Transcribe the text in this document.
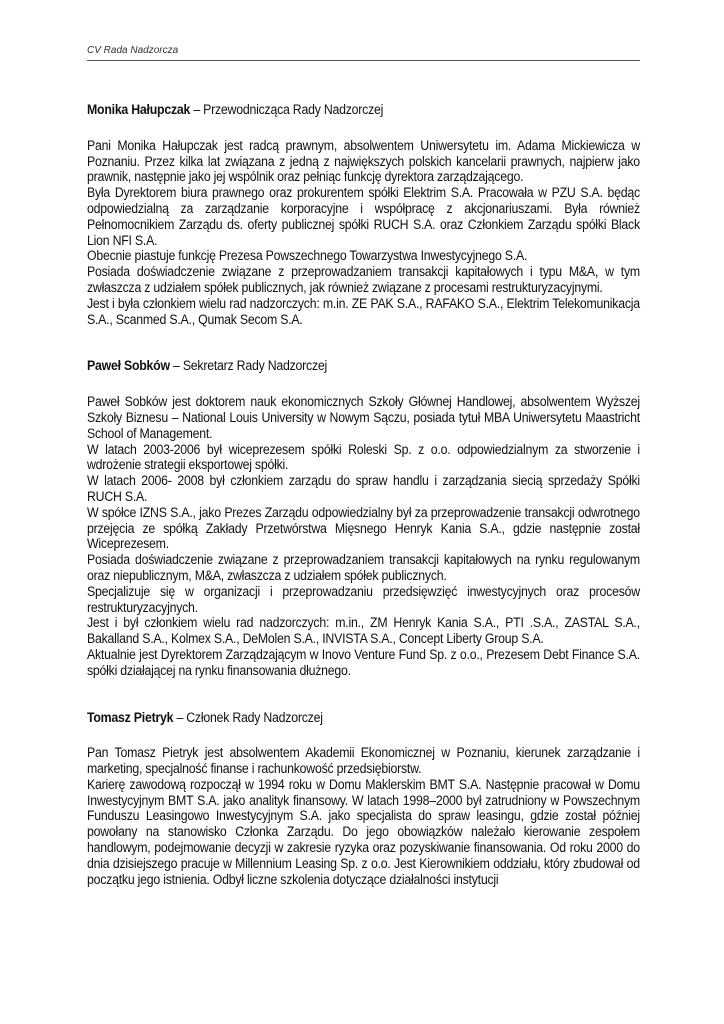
CV Rada Nadzorcza

Monika Hałupczak – Przewodnicząca Rady Nadzorczej

Pani Monika Hałupczak jest radcą prawnym, absolwentem Uniwersytetu im. Adama Mickiewicza w Poznaniu. Przez kilka lat związana z jedną z największych polskich kancelarii prawnych, najpierw jako prawnik, następnie jako jej wspólnik oraz pełniąc funkcję dyrektora zarządzającego.

Była Dyrektorem biura prawnego oraz prokurentem spółki Elektrim S.A. Pracowała w PZU S.A. będąc odpowiedzialną za zarządzanie korporacyjne i współpracę z akcjonariuszami. Była również Pełnomocnikiem Zarządu ds. oferty publicznej spółki RUCH S.A. oraz Członkiem Zarządu spółki Black Lion NFI S.A.

Obecnie piastuje funkcję Prezesa Powszechnego Towarzystwa Inwestycyjnego S.A.

Posiada doświadczenie związane z przeprowadzaniem transakcji kapitałowych i typu M&A, w tym zwłaszcza z udziałem spółek publicznych, jak również związane z procesami restrukturyzacyjnymi.

Jest i była członkiem wielu rad nadzorczych: m.in. ZE PAK S.A., RAFAKO S.A., Elektrim Telekomunikacja S.A., Scanmed S.A., Qumak Secom S.A.

Paweł Sobków – Sekretarz Rady Nadzorczej

Paweł Sobków jest doktorem nauk ekonomicznych Szkoły Głównej Handlowej, absolwentem Wyższej Szkoły Biznesu – National Louis University w Nowym Sączu, posiada tytuł MBA Uniwersytetu Maastricht School of Management.

W latach 2003-2006 był wiceprezesem spółki Roleski Sp. z o.o. odpowiedzialnym za stworzenie i wdrożenie strategii eksportowej spółki.

W latach 2006- 2008 był członkiem zarządu do spraw handlu i zarządzania siecią sprzedaży Spółki RUCH S.A.

W spółce IZNS S.A., jako Prezes Zarządu odpowiedzialny był za przeprowadzenie transakcji odwrotnego przejęcia ze spółką Zakłady Przetwórstwa Mięsnego Henryk Kania S.A., gdzie następnie został Wiceprezesem.

Posiada doświadczenie związane z przeprowadzaniem transakcji kapitałowych na rynku regulowanym oraz niepublicznym, M&A, zwłaszcza z udziałem spółek publicznych.

Specjalizuje się w organizacji i przeprowadzaniu przedsięwzięć inwestycyjnych oraz procesów restrukturyzacyjnych.

Jest i był członkiem wielu rad nadzorczych: m.in., ZM Henryk Kania S.A., PTI .S.A., ZASTAL S.A., Bakalland S.A., Kolmex S.A., DeMolen S.A., INVISTA S.A., Concept Liberty Group S.A.

Aktualnie jest Dyrektorem Zarządzającym w Inovo Venture Fund Sp. z o.o., Prezesem Debt Finance S.A. spółki działającej na rynku finansowania dłużnego.

Tomasz Pietryk – Członek Rady Nadzorczej

Pan Tomasz Pietryk jest absolwentem Akademii Ekonomicznej w Poznaniu, kierunek zarządzanie i marketing, specjalność finanse i rachunkowość przedsiębiorstw.

Karierę zawodową rozpoczął w 1994 roku w Domu Maklerskim BMT S.A. Następnie pracował w Domu Inwestycyjnym BMT S.A. jako analityk finansowy. W latach 1998–2000 był zatrudniony w Powszechnym Funduszu Leasingowo Inwestycyjnym S.A. jako specjalista do spraw leasingu, gdzie został później powołany na stanowisko Członka Zarządu. Do jego obowiązków należało kierowanie zespołem handlowym, podejmowanie decyzji w zakresie ryzyka oraz pozyskiwanie finansowania. Od roku 2000 do dnia dzisiejszego pracuje w Millennium Leasing Sp. z o.o. Jest Kierownikiem oddziału, który zbudował od początku jego istnienia. Odbył liczne szkolenia dotyczące działalności instytucji
